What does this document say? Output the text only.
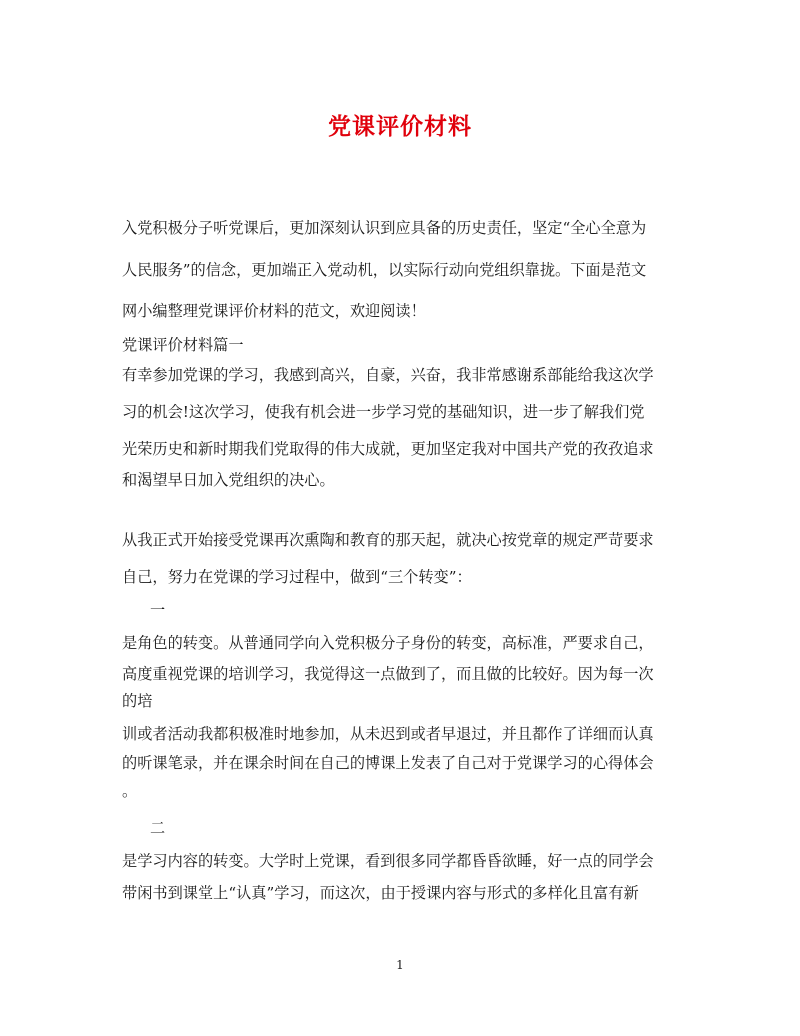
党课评价材料
入党积极分子听党课后，更加深刻认识到应具备的历史责任，坚定“全心全意为
人民服务”的信念，更加端正入党动机，以实际行动向党组织靠拢。下面是范文
网小编整理党课评价材料的范文，欢迎阅读！
党课评价材料篇一
有幸参加党课的学习，我感到高兴，自豪，兴奋，我非常感谢系部能给我这次学
习的机会!这次学习，使我有机会进一步学习党的基础知识，进一步了解我们党
光荣历史和新时期我们党取得的伟大成就，更加坚定我对中国共产党的孜孜追求
和渴望早日加入党组织的决心。
从我正式开始接受党课再次熏陶和教育的那天起，就决心按党章的规定严苛要求
自己，努力在党课的学习过程中，做到“三个转变”：
一
是角色的转变。从普通同学向入党积极分子身份的转变，高标准，严要求自己，
高度重视党课的培训学习，我觉得这一点做到了，而且做的比较好。因为每一次
的培
训或者活动我都积极准时地参加，从未迟到或者早退过，并且都作了详细而认真
的听课笔录，并在课余时间在自己的博课上发表了自己对于党课学习的心得体会
。
二
是学习内容的转变。大学时上党课，看到很多同学都昏昏欲睡，好一点的同学会
带闲书到课堂上“认真”学习，而这次，由于授课内容与形式的多样化且富有新
1
